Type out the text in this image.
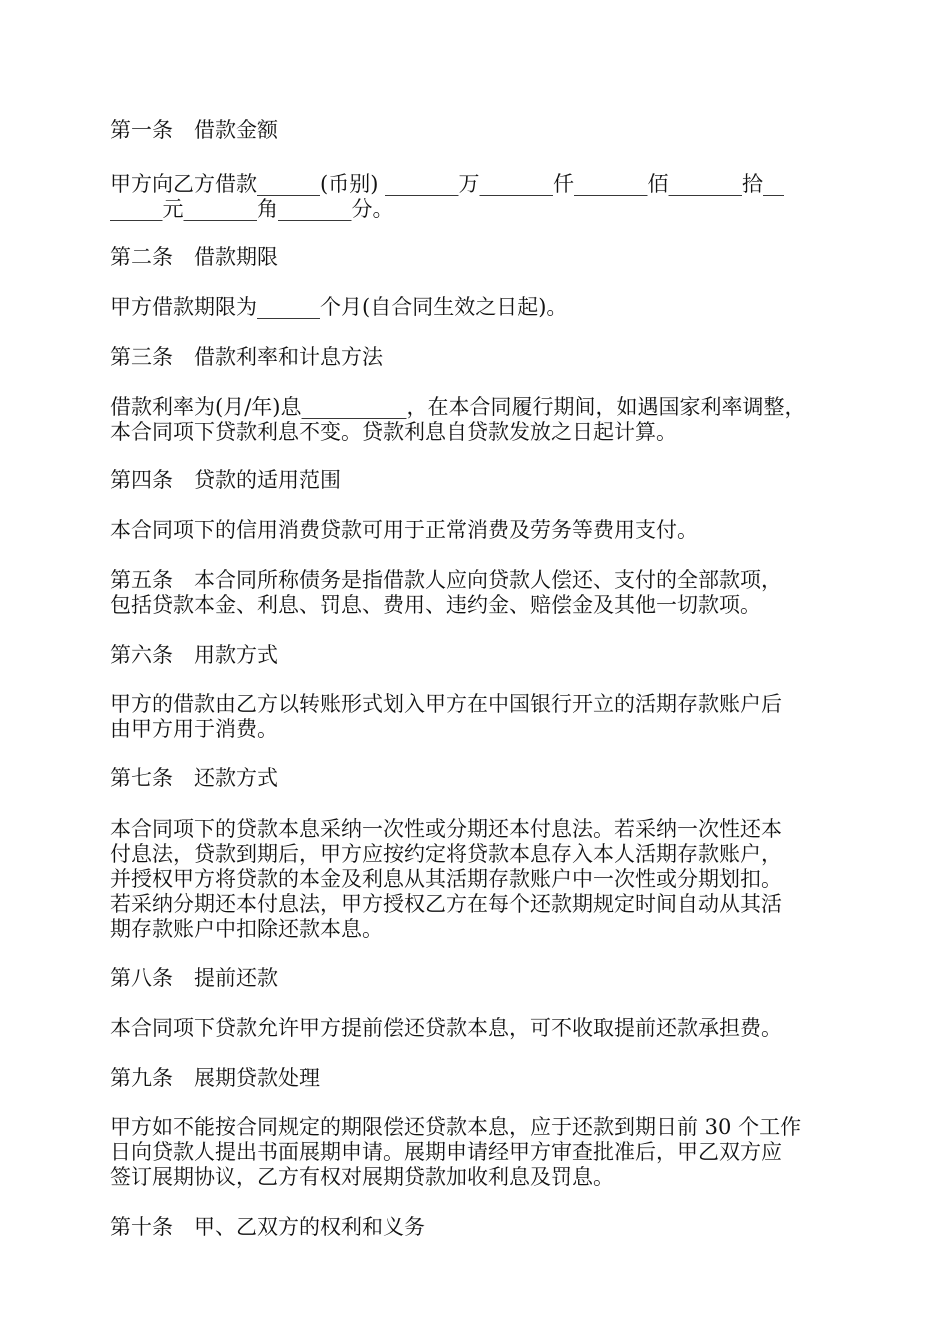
第一条　借款金额

甲方向乙方借款______(币别) _______万_______仟_______佰_______拾__
_____元_______角_______分。

第二条　借款期限

甲方借款期限为______个月(自合同生效之日起)。

第三条　借款利率和计息方法

借款利率为(月/年)息__________，在本合同履行期间，如遇国家利率调整，
本合同项下贷款利息不变。贷款利息自贷款发放之日起计算。

第四条　贷款的适用范围

本合同项下的信用消费贷款可用于正常消费及劳务等费用支付。

第五条　本合同所称债务是指借款人应向贷款人偿还、支付的全部款项，
包括贷款本金、利息、罚息、费用、违约金、赔偿金及其他一切款项。

第六条　用款方式

甲方的借款由乙方以转账形式划入甲方在中国银行开立的活期存款账户后
由甲方用于消费。

第七条　还款方式

本合同项下的贷款本息采纳一次性或分期还本付息法。若采纳一次性还本
付息法，贷款到期后，甲方应按约定将贷款本息存入本人活期存款账户，
并授权甲方将贷款的本金及利息从其活期存款账户中一次性或分期划扣。
若采纳分期还本付息法，甲方授权乙方在每个还款期规定时间自动从其活
期存款账户中扣除还款本息。

第八条　提前还款

本合同项下贷款允许甲方提前偿还贷款本息，可不收取提前还款承担费。

第九条　展期贷款处理

甲方如不能按合同规定的期限偿还贷款本息，应于还款到期日前 30 个工作
日向贷款人提出书面展期申请。展期申请经甲方审查批准后，甲乙双方应
签订展期协议，乙方有权对展期贷款加收利息及罚息。

第十条　甲、乙双方的权利和义务
